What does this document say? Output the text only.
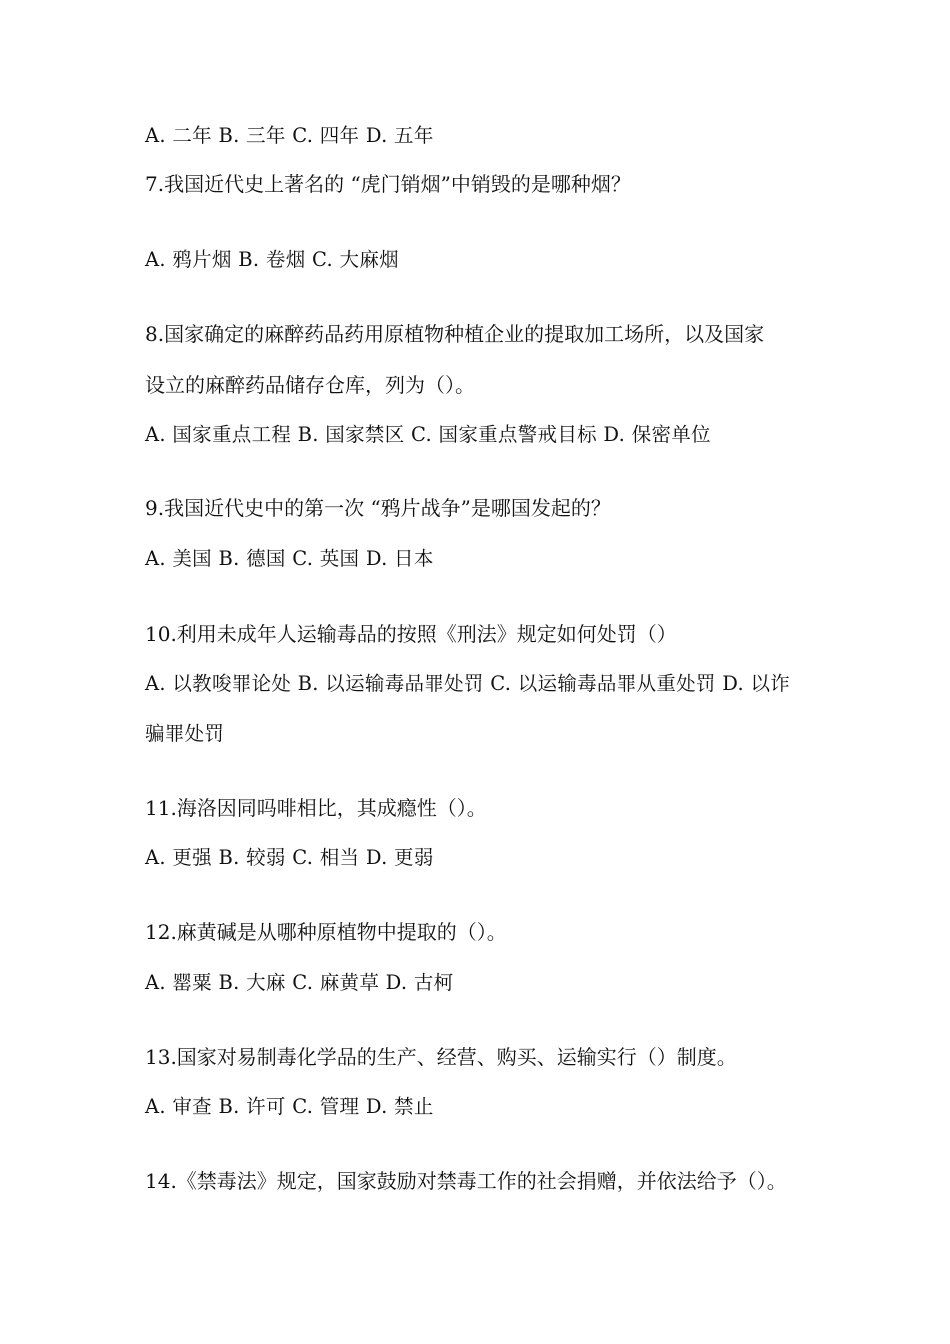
A. 二年 B. 三年 C. 四年 D. 五年
7.我国近代史上著名的 “虎门销烟”中销毁的是哪种烟？
A. 鸦片烟 B. 卷烟 C. 大麻烟
8.国家确定的麻醉药品药用原植物种植企业的提取加工场所，以及国家
设立的麻醉药品储存仓库，列为（）。
A. 国家重点工程 B. 国家禁区 C. 国家重点警戒目标 D. 保密单位
9.我国近代史中的第一次 “鸦片战争”是哪国发起的？
A. 美国 B. 德国 C. 英国 D. 日本
10.利用未成年人运输毒品的按照《刑法》规定如何处罚（）
A. 以教唆罪论处 B. 以运输毒品罪处罚 C. 以运输毒品罪从重处罚 D. 以诈
骗罪处罚
11.海洛因同吗啡相比，其成瘾性（）。
A. 更强 B. 较弱 C. 相当 D. 更弱
12.麻黄碱是从哪种原植物中提取的（）。
A. 罂粟 B. 大麻 C. 麻黄草 D. 古柯
13.国家对易制毒化学品的生产、经营、购买、运输实行（）制度。
A. 审查 B. 许可 C. 管理 D. 禁止
14.《禁毒法》规定，国家鼓励对禁毒工作的社会捐赠，并依法给予（）。
